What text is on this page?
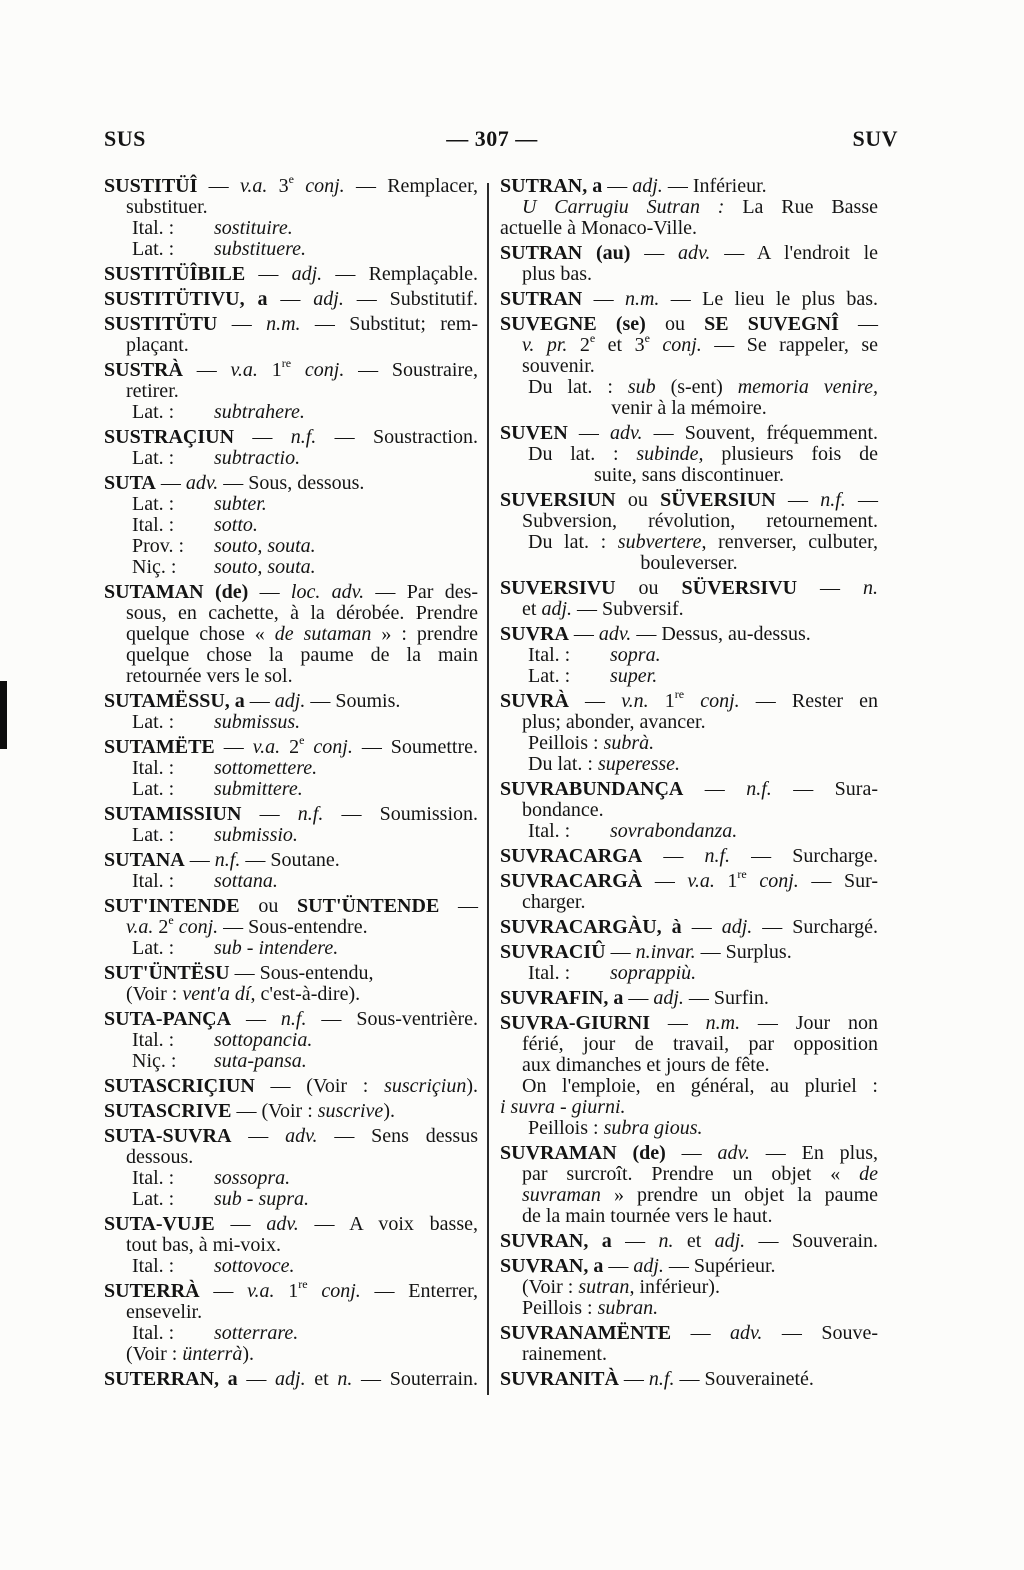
SUS	— 307 —	SUV
SUSTITÜÎ — v.a. 3e conj. — Remplacer,
substituer.
Ital. : sostituire.
Lat. : substituere.
SUSTITÜÎBILE — adj. — Remplaçable.
SUSTITÜTIVU, a — adj. — Substitutif.
SUSTITÜTU — n.m. — Substitut; rem-
plaçant.
SUSTRÀ — v.a. 1re conj. — Soustraire,
retirer.
Lat. : subtrahere.
SUSTRAÇIUN — n.f. — Soustraction.
Lat. : subtractio.
SUTA — adv. — Sous, dessous.
Lat. : subter.
Ital. : sotto.
Prov. : souto, souta.
Niç. : souto, souta.
SUTAMAN (de) — loc. adv. — Par des-
sous, en cachette, à la dérobée. Prendre
quelque chose « de sutaman » : prendre
quelque chose la paume de la main
retournée vers le sol.
SUTAMËSSU, a — adj. — Soumis.
Lat. : submissus.
SUTAMËTE — v.a. 2e conj. — Soumettre.
Ital. : sottomettere.
Lat. : submittere.
SUTAMISSIUN — n.f. — Soumission.
Lat. : submissio.
SUTANA — n.f. — Soutane.
Ital. : sottana.
SUT'INTENDE ou SUT'ÜNTENDE —
v.a. 2e conj. — Sous-entendre.
Lat. : sub - intendere.
SUT'ÜNTËSU — Sous-entendu,
(Voir : vent'a dí, c'est-à-dire).
SUTA-PANÇA — n.f. — Sous-ventrière.
Ital. : sottopancia.
Niç. : suta-pansa.
SUTASCRIÇIUN — (Voir : suscriçiun).
SUTASCRIVE — (Voir : suscrive).
SUTA-SUVRA — adv. — Sens dessus
dessous.
Ital. : sossopra.
Lat. : sub - supra.
SUTA-VUJE — adv. — A voix basse,
tout bas, à mi-voix.
Ital. : sottovoce.
SUTERRÀ — v.a. 1re conj. — Enterrer,
ensevelir.
Ital. : sotterrare.
(Voir : ünterrà).
SUTERRAN, a — adj. et n. — Souterrain.
SUTRAN, a — adj. — Inférieur.
U Carrugiu Sutran : La Rue Basse
actuelle à Monaco-Ville.
SUTRAN (au) — adv. — A l'endroit le
plus bas.
SUTRAN — n.m. — Le lieu le plus bas.
SUVEGNE (se) ou SE SUVEGNÎ —
v. pr. 2e et 3e conj. — Se rappeler, se
souvenir.
Du lat. : sub (s-ent) memoria venire,
venir à la mémoire.
SUVEN — adv. — Souvent, fréquemment.
Du lat. : subinde, plusieurs fois de
suite, sans discontinuer.
SUVERSIUN ou SÜVERSIUN — n.f. —
Subversion, révolution, retournement.
Du lat. : subvertere, renverser, culbuter,
bouleverser.
SUVERSIVU ou SÜVERSIVU — n.
et adj. — Subversif.
SUVRA — adv. — Dessus, au-dessus.
Ital. : sopra.
Lat. : super.
SUVRÀ — v.n. 1re conj. — Rester en
plus; abonder, avancer.
Peillois : subrà.
Du lat. : superesse.
SUVRABUNDANÇA — n.f. — Sura-
bondance.
Ital. : sovrabondanza.
SUVRACARGA — n.f. — Surcharge.
SUVRACARGÀ — v.a. 1re conj. — Sur-
charger.
SUVRACARGÀU, à — adj. — Surchargé.
SUVRACIÛ — n.invar. — Surplus.
Ital. : soprappiù.
SUVRAFIN, a — adj. — Surfin.
SUVRA-GIURNI — n.m. — Jour non
férié, jour de travail, par opposition
aux dimanches et jours de fête.
On l'emploie, en général, au pluriel :
i suvra - giurni.
Peillois : subra gious.
SUVRAMAN (de) — adv. — En plus,
par surcroît. Prendre un objet « de
suvraman » prendre un objet la paume
de la main tournée vers le haut.
SUVRAN, a — n. et adj. — Souverain.
SUVRAN, a — adj. — Supérieur.
(Voir : sutran, inférieur).
Peillois : subran.
SUVRANAMËNTE — adv. — Souve-
rainement.
SUVRANITÀ — n.f. — Souveraineté.
